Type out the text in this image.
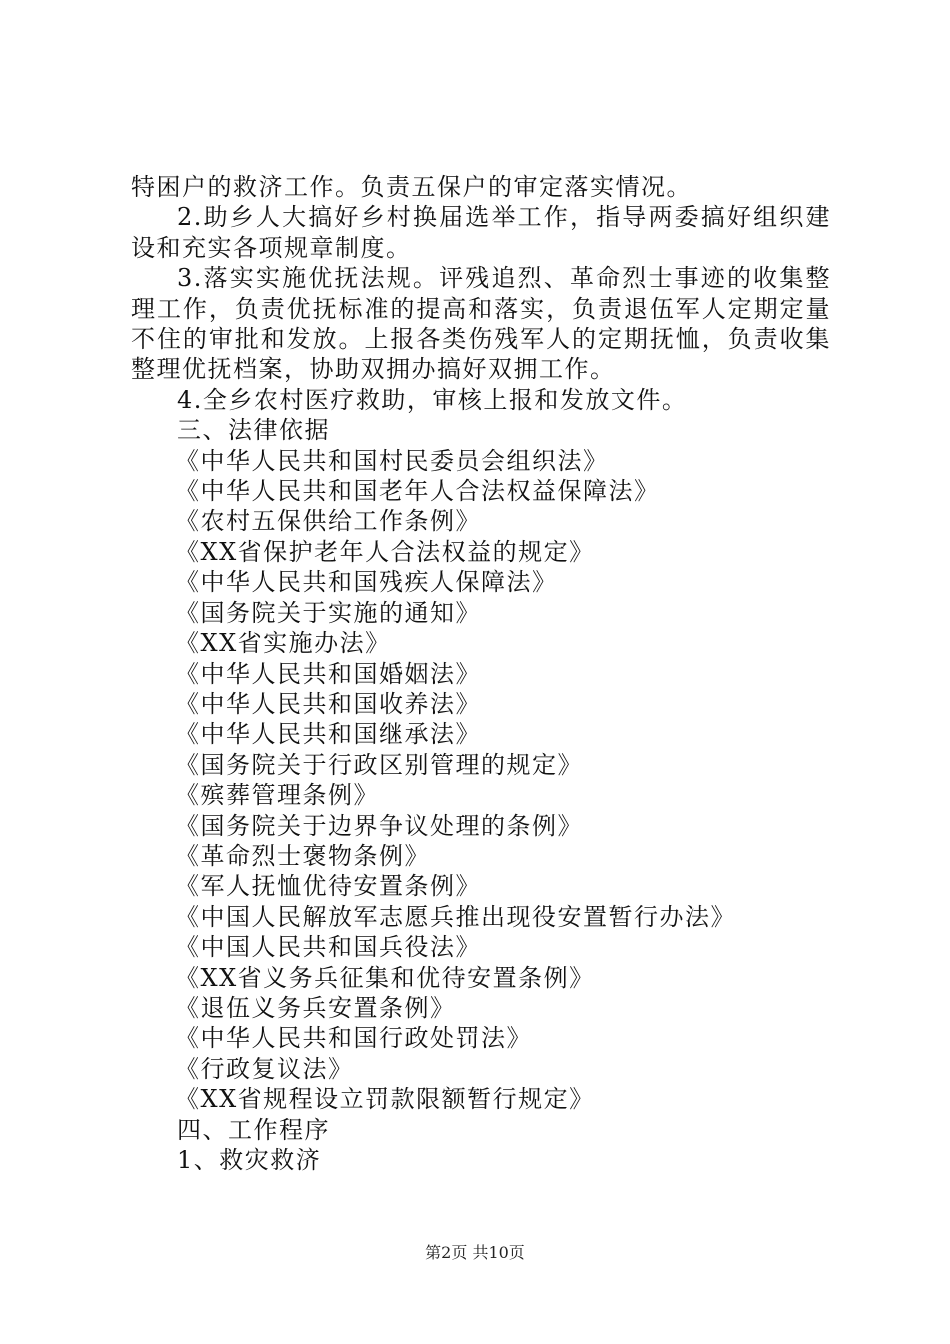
特困户的救济工作。负责五保户的审定落实情况。

2.助乡人大搞好乡村换届选举工作，指导两委搞好组织建设和充实各项规章制度。

3.落实实施优抚法规。评残追烈、革命烈士事迹的收集整理工作，负责优抚标准的提高和落实，负责退伍军人定期定量不住的审批和发放。上报各类伤残军人的定期抚恤，负责收集整理优抚档案，协助双拥办搞好双拥工作。

4.全乡农村医疗救助，审核上报和发放文件。

三、法律依据

《中华人民共和国村民委员会组织法》
《中华人民共和国老年人合法权益保障法》
《农村五保供给工作条例》
《XX省保护老年人合法权益的规定》
《中华人民共和国残疾人保障法》
《国务院关于实施的通知》
《XX省实施办法》
《中华人民共和国婚姻法》
《中华人民共和国收养法》
《中华人民共和国继承法》
《国务院关于行政区别管理的规定》
《殡葬管理条例》
《国务院关于边界争议处理的条例》
《革命烈士褒物条例》
《军人抚恤优待安置条例》
《中国人民解放军志愿兵推出现役安置暂行办法》
《中国人民共和国兵役法》
《XX省义务兵征集和优待安置条例》
《退伍义务兵安置条例》
《中华人民共和国行政处罚法》
《行政复议法》
《XX省规程设立罚款限额暂行规定》

四、工作程序

1、救灾救济

第2页 共10页
